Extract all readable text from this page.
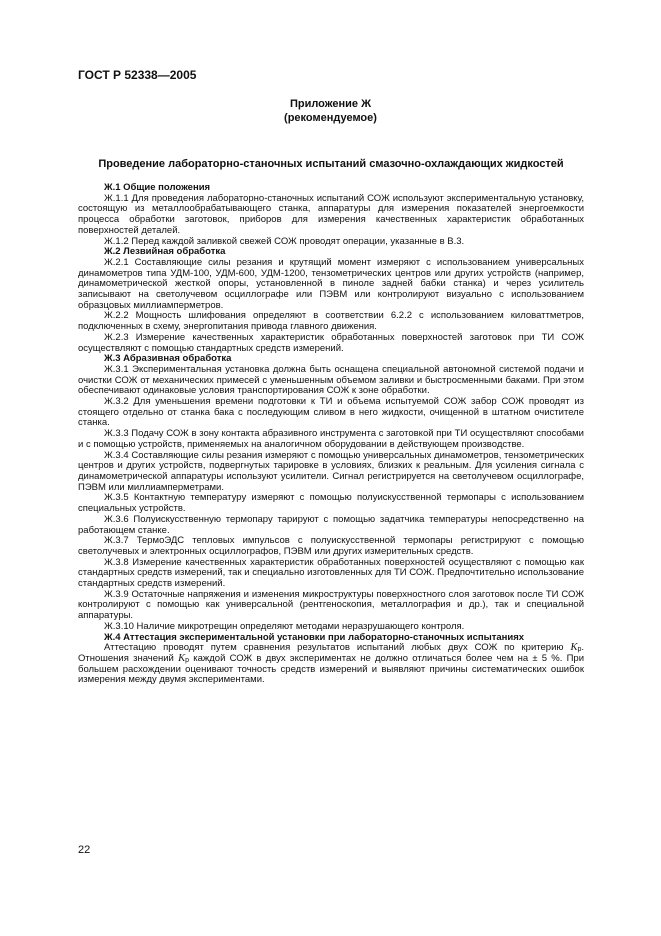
ГОСТ Р 52338—2005
Приложение Ж
(рекомендуемое)
Проведение лабораторно-станочных испытаний смазочно-охлаждающих жидкостей

Ж.1 Общие положения

Ж.1.1 Для проведения лабораторно-станочных испытаний СОЖ используют экспериментальную установку, состоящую из металлообрабатывающего станка, аппаратуры для измерения показателей энергоемкости процесса обработки заготовок, приборов для измерения качественных характеристик обработанных поверхностей деталей.

Ж.1.2 Перед каждой заливкой свежей СОЖ проводят операции, указанные в В.3.

Ж.2 Лезвийная обработка

Ж.2.1 Составляющие силы резания и крутящий момент измеряют с использованием универсальных динамометров типа УДМ-100, УДМ-600, УДМ-1200, тензометрических центров или других устройств (например, динамометрической жесткой опоры, установленной в пиноле задней бабки станка) и через усилитель записывают на светолучевом осциллографе или ПЭВМ или контролируют визуально с использованием образцовых миллиамперметров.

Ж.2.2 Мощность шлифования определяют в соответствии 6.2.2 с использованием киловаттметров, подключенных в схему, энергопитания привода главного движения.

Ж.2.3 Измерение качественных характеристик обработанных поверхностей заготовок при ТИ СОЖ осуществляют с помощью стандартных средств измерений.

Ж.3 Абразивная обработка

Ж.3.1 Экспериментальная установка должна быть оснащена специальной автономной системой подачи и очистки СОЖ от механических примесей с уменьшенным объемом заливки и быстросменными баками. При этом обеспечивают одинаковые условия транспортирования СОЖ к зоне обработки.

Ж.3.2 Для уменьшения времени подготовки к ТИ и объема испытуемой СОЖ забор СОЖ проводят из стоящего отдельно от станка бака с последующим сливом в него жидкости, очищенной в штатном очистителе станка.

Ж.3.3 Подачу СОЖ в зону контакта абразивного инструмента с заготовкой при ТИ осуществляют способами и с помощью устройств, применяемых на аналогичном оборудовании в действующем производстве.

Ж.3.4 Составляющие силы резания измеряют с помощью универсальных динамометров, тензометрических центров и других устройств, подвергнутых тарировке в условиях, близких к реальным. Для усиления сигнала с динамометрической аппаратуры используют усилители. Сигнал регистрируется на светолучевом осциллографе, ПЭВМ или миллиамперметрами.

Ж.3.5 Контактную температуру измеряют с помощью полуискусственной термопары с использованием специальных устройств.

Ж.3.6 Полуискусственную термопару тарируют с помощью задатчика температуры непосредственно на работающем станке.

Ж.3.7 ТермоЭДС тепловых импульсов с полуискусственной термопары регистрируют с помощью светолучевых и электронных осциллографов, ПЭВМ или других измерительных средств.

Ж.3.8 Измерение качественных характеристик обработанных поверхностей осуществляют с помощью как стандартных средств измерений, так и специально изготовленных для ТИ СОЖ. Предпочтительно использование стандартных средств измерений.

Ж.3.9 Остаточные напряжения и изменения микроструктуры поверхностного слоя заготовок после ТИ СОЖ контролируют с помощью как универсальной (рентгеноскопия, металлография и др.), так и специальной аппаратуры.

Ж.3.10 Наличие микротрещин определяют методами неразрушающего контроля.

Ж.4 Аттестация экспериментальной установки при лабораторно-станочных испытаниях

Аттестацию проводят путем сравнения результатов испытаний любых двух СОЖ по критерию $K_р$. Отношения значений $K_р$ каждой СОЖ в двух экспериментах не должно отличаться более чем на ± 5 %. При большем расхождении оценивают точность средств измерений и выявляют причины систематических ошибок измерения между двумя экспериментами.

22
